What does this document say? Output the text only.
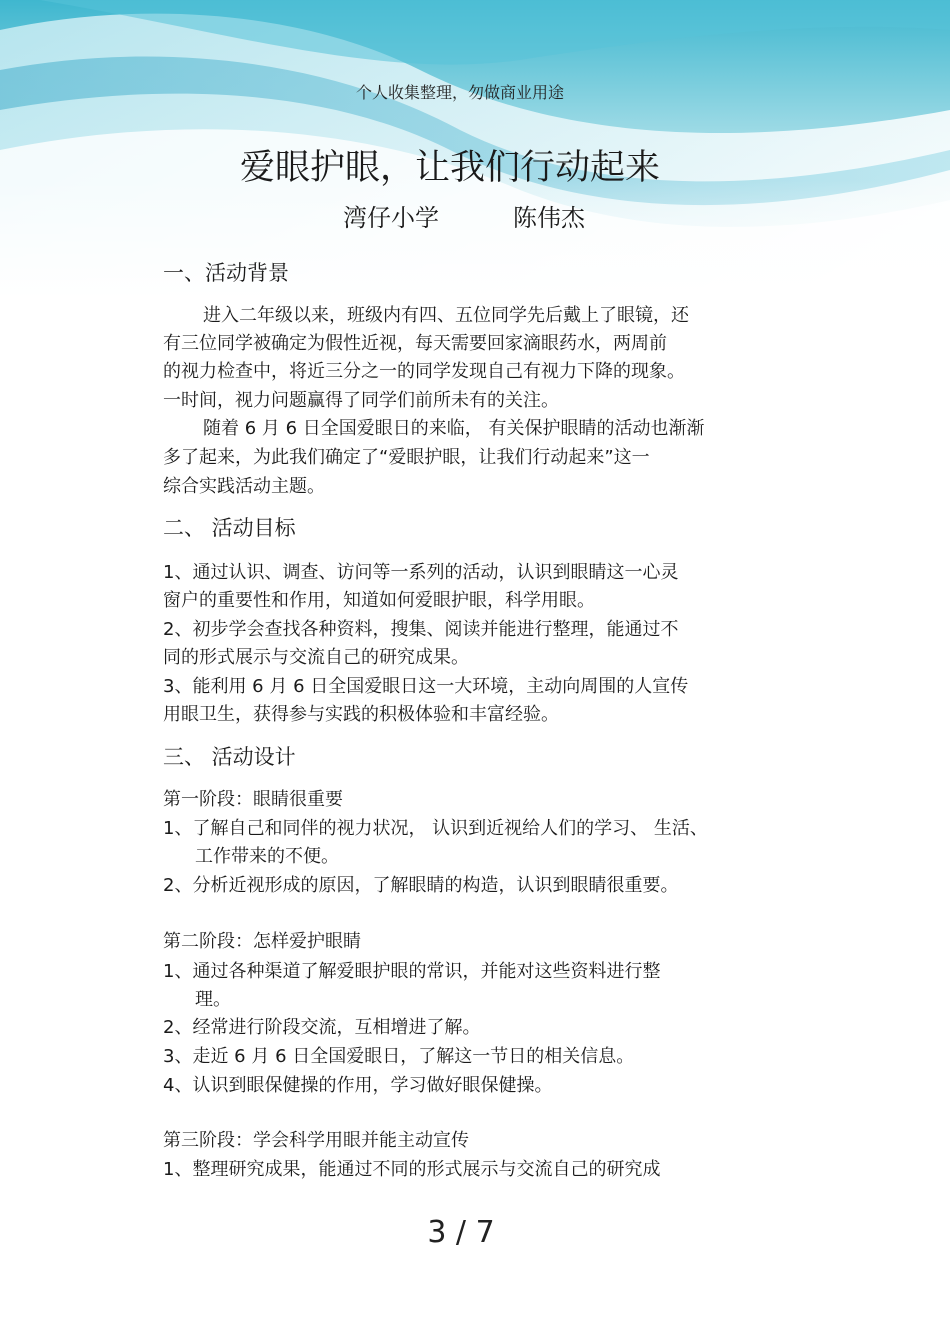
个人收集整理，勿做商业用途
爱眼护眼，让我们行动起来
湾仔小学	陈伟杰
一、活动背景
进入二年级以来，班级内有四、五位同学先后戴上了眼镜，还
有三位同学被确定为假性近视，每天需要回家滴眼药水，两周前
的视力检查中，将近三分之一的同学发现自己有视力下降的现象。
一时间，视力问题赢得了同学们前所未有的关注。
随着 6 月 6 日全国爱眼日的来临， 有关保护眼睛的活动也渐渐
多了起来，为此我们确定了“爱眼护眼，让我们行动起来”这一
综合实践活动主题。
二、 活动目标
1、通过认识、调查、访问等一系列的活动，认识到眼睛这一心灵
窗户的重要性和作用，知道如何爱眼护眼，科学用眼。
2、初步学会查找各种资料，搜集、阅读并能进行整理，能通过不
同的形式展示与交流自己的研究成果。
3、能利用 6 月 6 日全国爱眼日这一大环境，主动向周围的人宣传
用眼卫生，获得参与实践的积极体验和丰富经验。
三、 活动设计
第一阶段：眼睛很重要
1、了解自己和同伴的视力状况， 认识到近视给人们的学习、 生活、
工作带来的不便。
2、分析近视形成的原因，了解眼睛的构造，认识到眼睛很重要。
第二阶段：怎样爱护眼睛
1、通过各种渠道了解爱眼护眼的常识，并能对这些资料进行整
理。
2、经常进行阶段交流，互相增进了解。
3、走近 6 月 6 日全国爱眼日，了解这一节日的相关信息。
4、认识到眼保健操的作用，学习做好眼保健操。
第三阶段：学会科学用眼并能主动宣传
1、整理研究成果，能通过不同的形式展示与交流自己的研究成
3 / 7
